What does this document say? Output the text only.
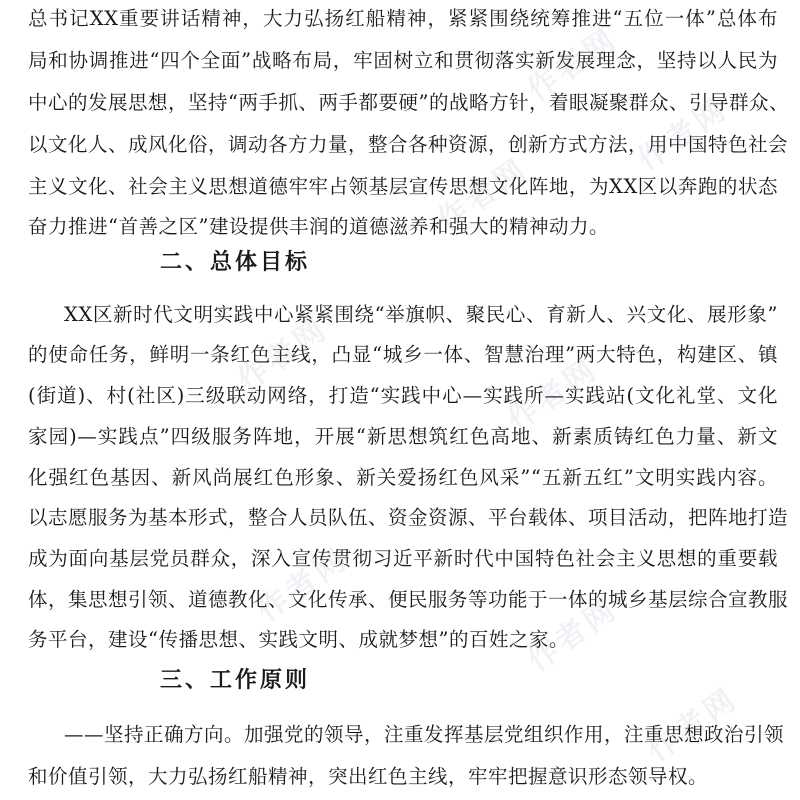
总书记XX重要讲话精神，大力弘扬红船精神，紧紧围绕统筹推进“五位一体”总体布
局和协调推进“四个全面”战略布局，牢固树立和贯彻落实新发展理念，坚持以人民为
中心的发展思想，坚持“两手抓、两手都要硬”的战略方针，着眼凝聚群众、引导群众、
以文化人、成风化俗，调动各方力量，整合各种资源，创新方式方法，用中国特色社会
主义文化、社会主义思想道德牢牢占领基层宣传思想文化阵地，为XX区以奔跑的状态
奋力推进“首善之区”建设提供丰润的道德滋养和强大的精神动力。
二、总体目标
XX区新时代文明实践中心紧紧围绕“举旗帜、聚民心、育新人、兴文化、展形象”
的使命任务，鲜明一条红色主线，凸显“城乡一体、智慧治理”两大特色，构建区、镇
(街道)、村(社区)三级联动网络，打造“实践中心—实践所—实践站(文化礼堂、文化
家园)—实践点”四级服务阵地，开展“新思想筑红色高地、新素质铸红色力量、新文
化强红色基因、新风尚展红色形象、新关爱扬红色风采”“五新五红”文明实践内容。
以志愿服务为基本形式，整合人员队伍、资金资源、平台载体、项目活动，把阵地打造
成为面向基层党员群众，深入宣传贯彻习近平新时代中国特色社会主义思想的重要载
体，集思想引领、道德教化、文化传承、便民服务等功能于一体的城乡基层综合宣教服
务平台，建设“传播思想、实践文明、成就梦想”的百姓之家。
三、工作原则
——坚持正确方向。加强党的领导，注重发挥基层党组织作用，注重思想政治引领
和价值引领，大力弘扬红船精神，突出红色主线，牢牢把握意识形态领导权。
作者网
作者网
作者网
作者网	作者网
作者网
作者网
作者网
